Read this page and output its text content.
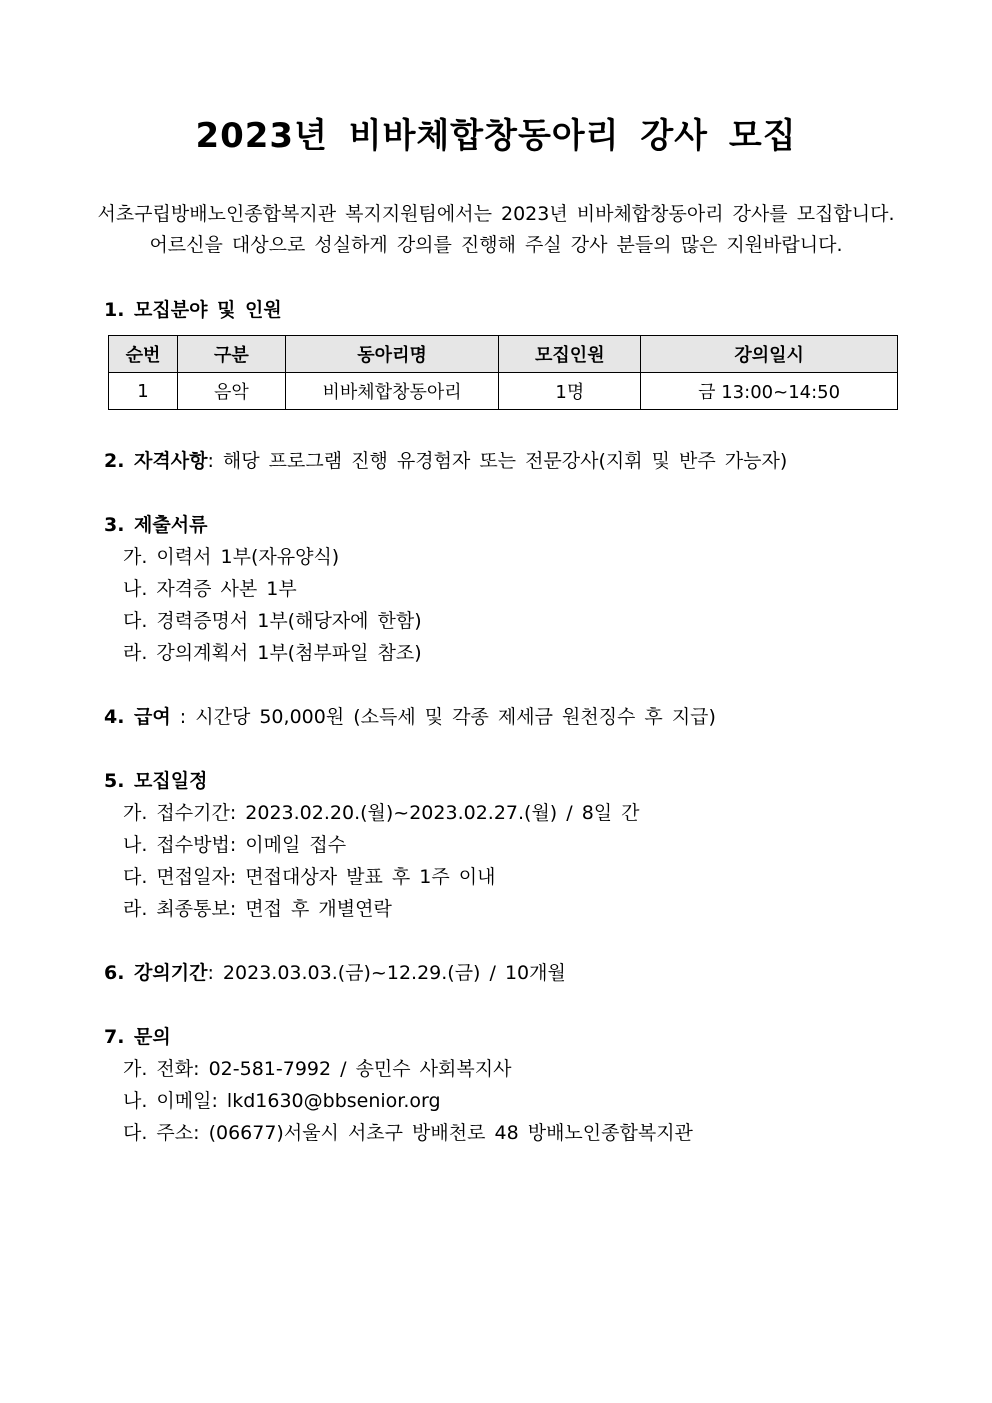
2023년 비바체합창동아리 강사 모집
서초구립방배노인종합복지관 복지지원팀에서는 2023년 비바체합창동아리 강사를 모집합니다.
어르신을 대상으로 성실하게 강의를 진행해 주실 강사 분들의 많은 지원바랍니다.
1. 모집분야 및 인원
순번	구분	동아리명	모집인원	강의일시
1	음악	비바체합창동아리	1명	금 13:00~14:50
2. 자격사항: 해당 프로그램 진행 유경험자 또는 전문강사(지휘 및 반주 가능자)
3. 제출서류
가. 이력서 1부(자유양식)
나. 자격증 사본 1부
다. 경력증명서 1부(해당자에 한함)
라. 강의계획서 1부(첨부파일 참조)
4. 급여 : 시간당 50,000원 (소득세 및 각종 제세금 원천징수 후 지급)
5. 모집일정
가. 접수기간: 2023.02.20.(월)~2023.02.27.(월) / 8일 간
나. 접수방법: 이메일 접수
다. 면접일자: 면접대상자 발표 후 1주 이내
라. 최종통보: 면접 후 개별연락
6. 강의기간: 2023.03.03.(금)~12.29.(금) / 10개월
7. 문의
가. 전화: 02-581-7992 / 송민수 사회복지사
나. 이메일: lkd1630@bbsenior.org
다. 주소: (06677)서울시 서초구 방배천로 48 방배노인종합복지관
